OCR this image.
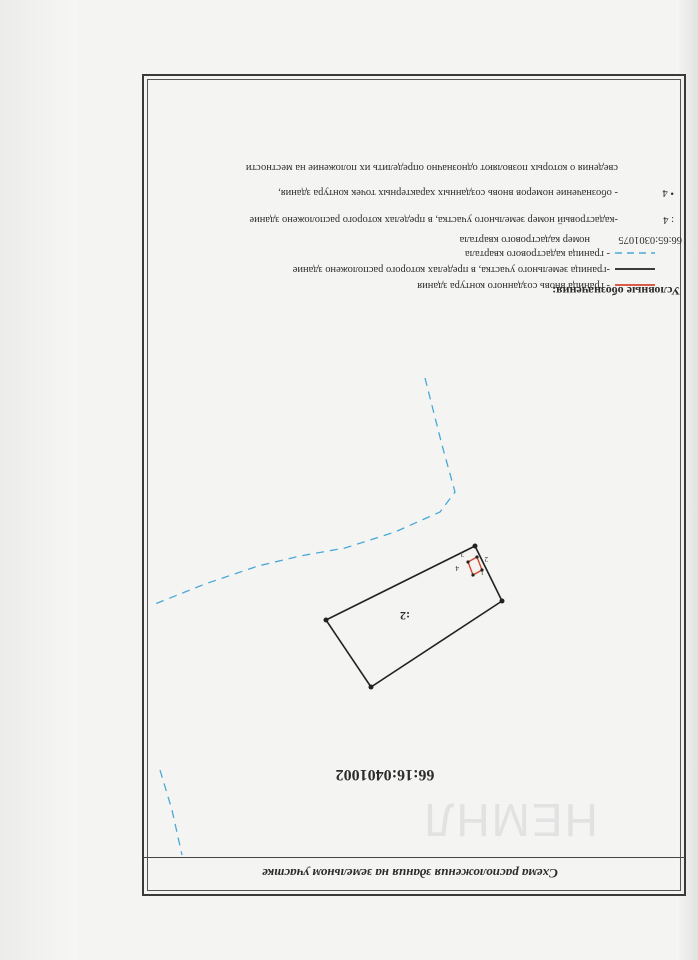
НЕМНЛ
1
2
3
4
Схема расположения здания на земельном участке
66:16:0401002
:2
Условные обозначения:
- граница вновь созданного контура здания
-граница земельного участка, в пределах которого расположено здание
- граница кадастрового квартала
66:65:0301075
номер кадастрового квартала
: 4
-кадастровый номер земельного участка, в пределах которого расположено здание
• 4
- обозначение номеров вновь созданных характерных точек контура здания,
сведения о которых позволяют однозначно определить их положение на местности
